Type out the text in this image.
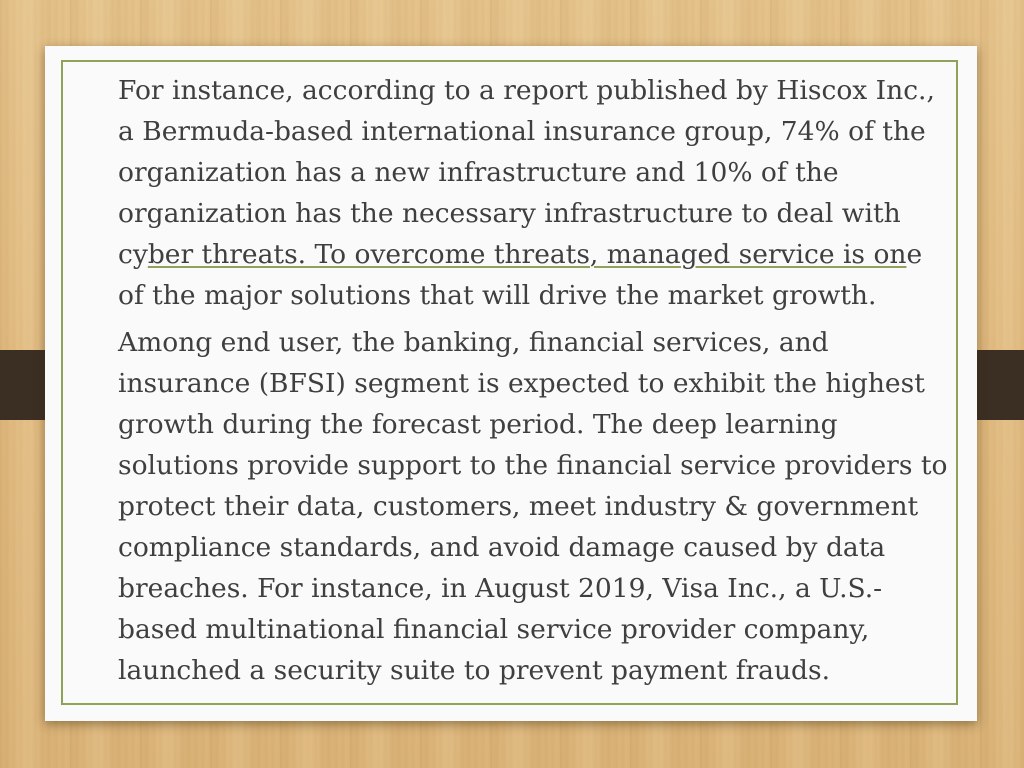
For instance, according to a report published by Hiscox Inc., a Bermuda-based international insurance group, 74% of the organization has a new infrastructure and 10% of the organization has the necessary infrastructure to deal with cyber threats. To overcome threats, managed service is one of the major solutions that will drive the market growth.

Among end user, the banking, financial services, and insurance (BFSI) segment is expected to exhibit the highest growth during the forecast period. The deep learning solutions provide support to the financial service providers to protect their data, customers, meet industry & government compliance standards, and avoid damage caused by data breaches. For instance, in August 2019, Visa Inc., a U.S.-based multinational financial service provider company, launched a security suite to prevent payment frauds.
